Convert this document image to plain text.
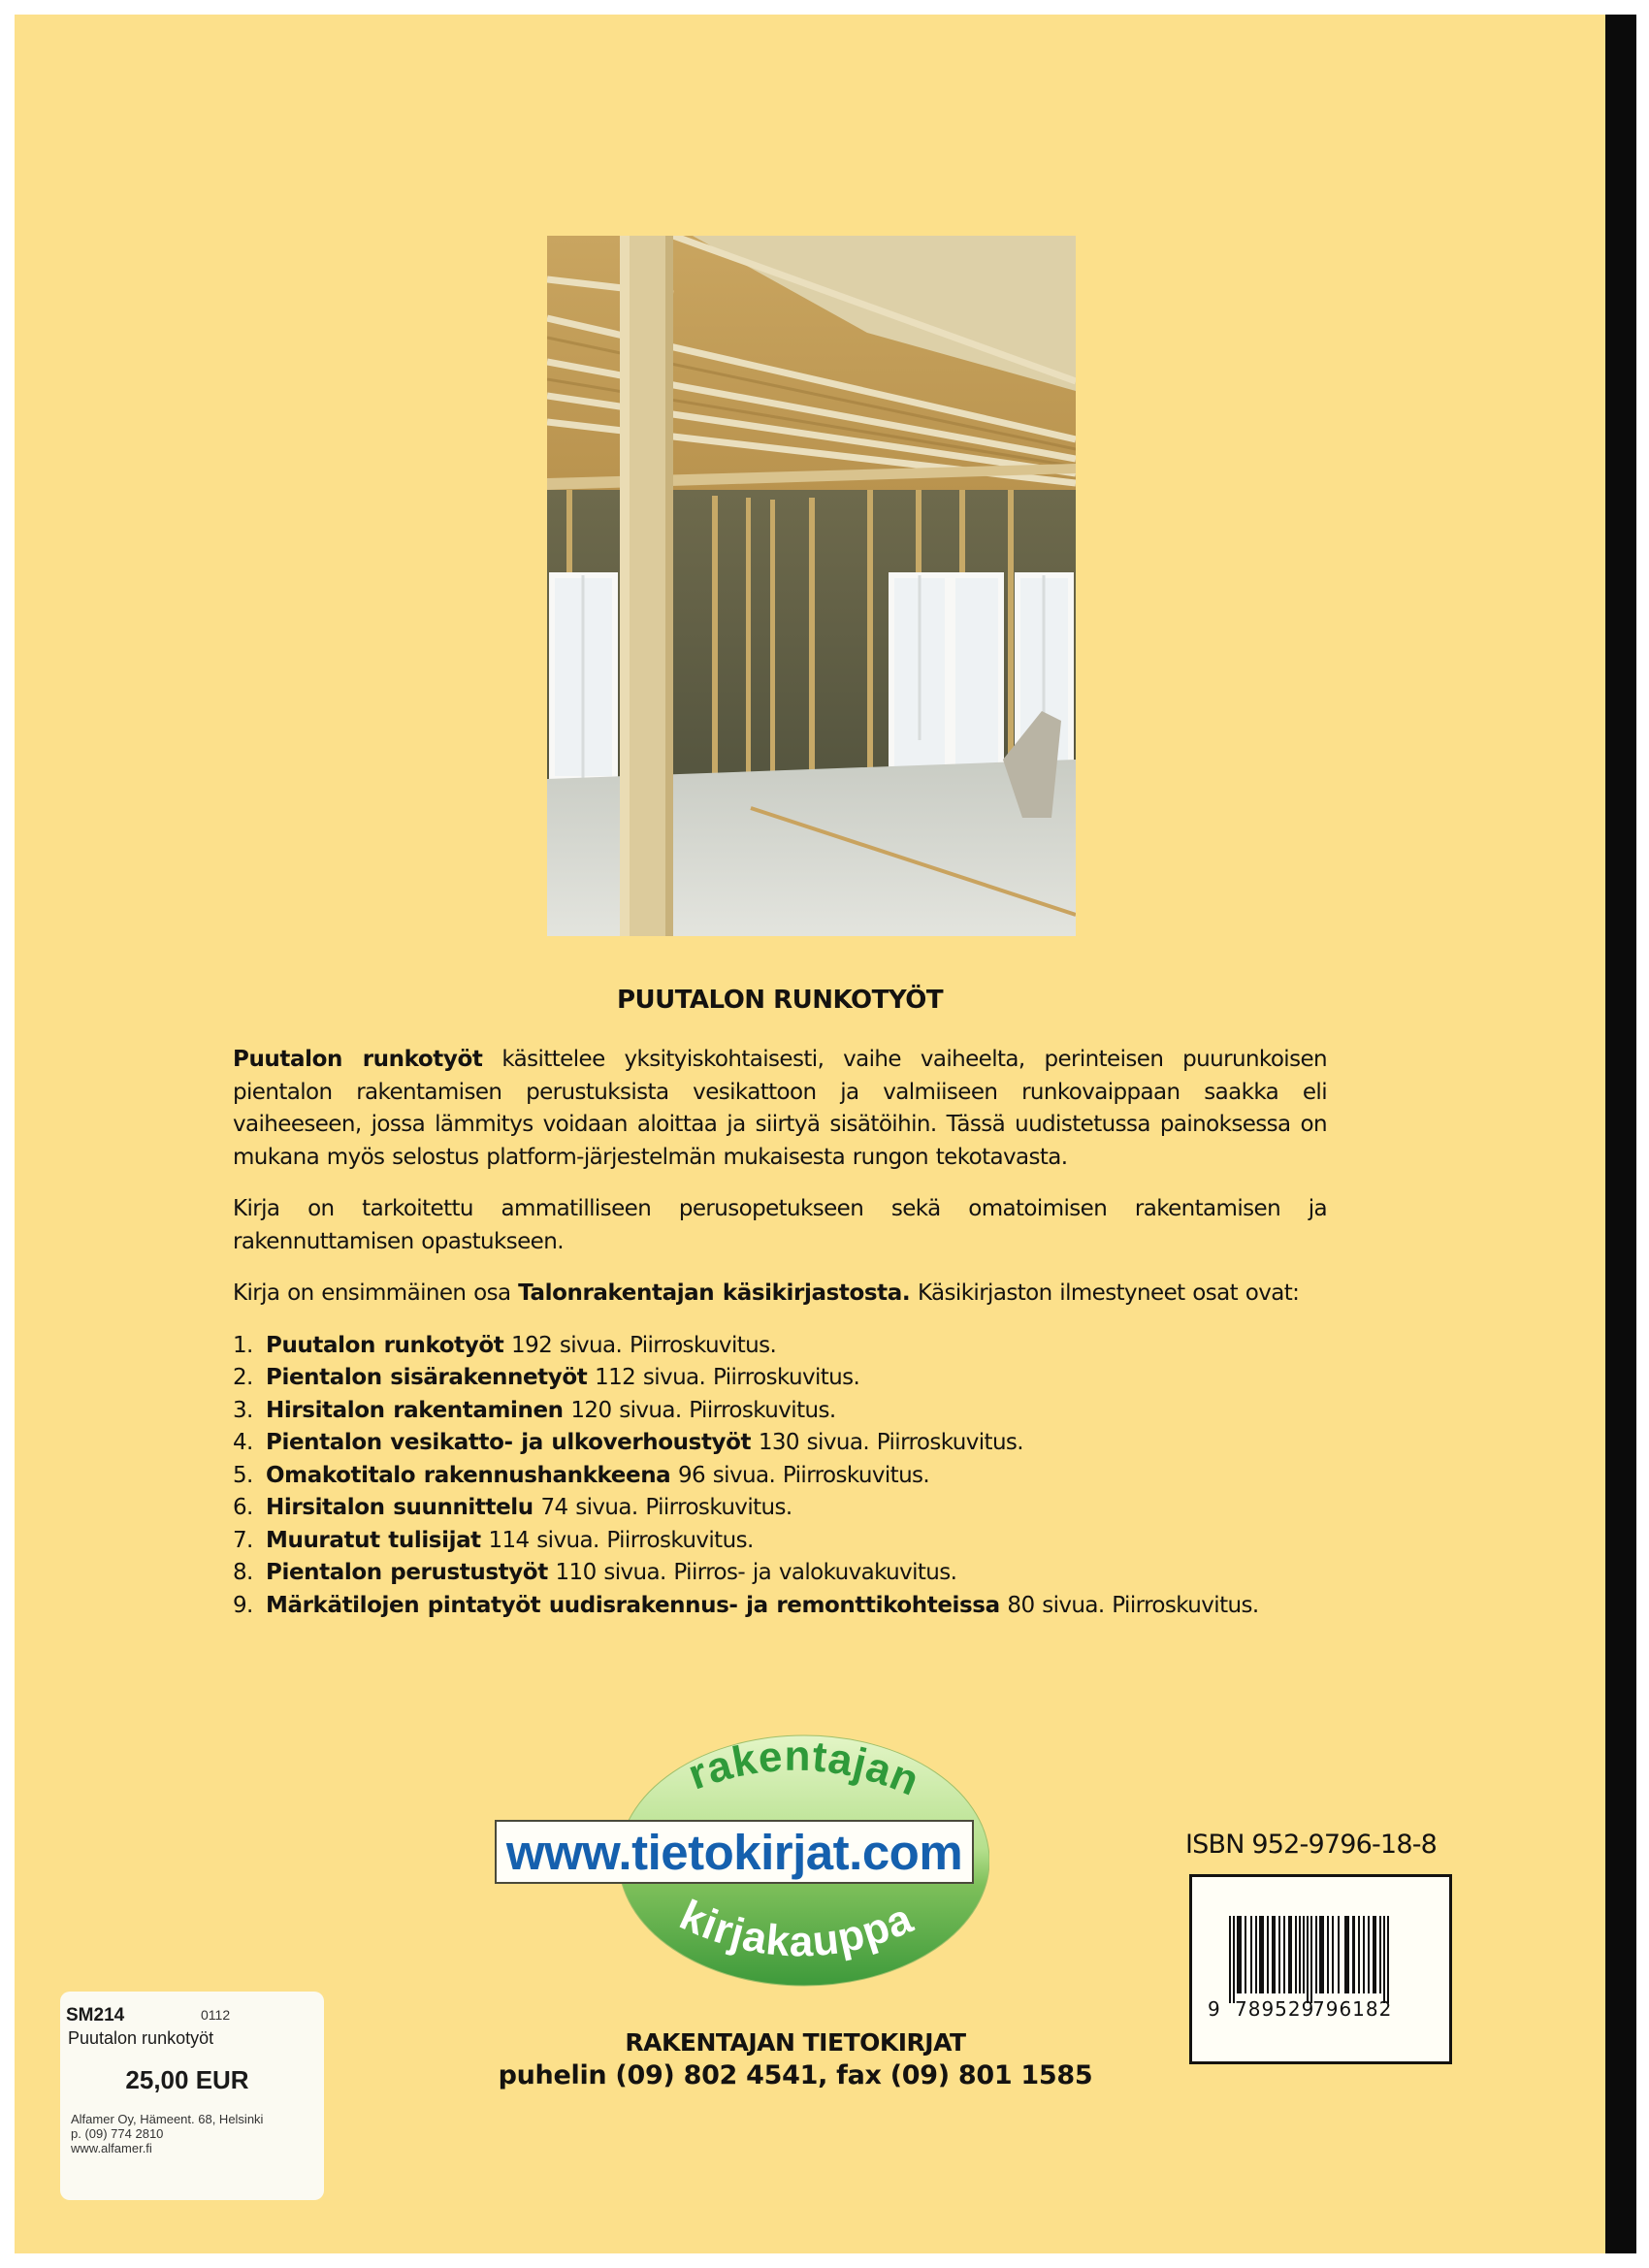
PUUTALON RUNKOTYÖT

Puutalon runkotyöt käsittelee yksityiskohtaisesti, vaihe vaiheelta, perinteisen puurunkoisen pientalon rakentamisen perustuksista vesikattoon ja valmiiseen runkovaippaan saakka eli vaiheeseen, jossa lämmitys voidaan aloittaa ja siirtyä sisätöihin. Tässä uudistetussa painoksessa on mukana myös selostus platform-järjestelmän mukaisesta rungon tekotavasta.

Kirja on tarkoitettu ammatilliseen perusopetukseen sekä omatoimisen rakentamisen ja rakennuttamisen opastukseen.

Kirja on ensimmäinen osa Talonrakentajan käsikirjastosta. Käsikirjaston ilmestyneet osat ovat:

1. Puutalon runkotyöt 192 sivua. Piirroskuvitus.
2. Pientalon sisärakennetyöt 112 sivua. Piirroskuvitus.
3. Hirsitalon rakentaminen 120 sivua. Piirroskuvitus.
4. Pientalon vesikatto- ja ulkoverhoustyöt 130 sivua. Piirroskuvitus.
5. Omakotitalo rakennushankkeena 96 sivua. Piirroskuvitus.
6. Hirsitalon suunnittelu 74 sivua. Piirroskuvitus.
7. Muuratut tulisijat 114 sivua. Piirroskuvitus.
8. Pientalon perustustyöt 110 sivua. Piirros- ja valokuvakuvitus.
9. Märkätilojen pintatyöt uudisrakennus- ja remonttikohteissa 80 sivua. Piirroskuvitus.
rakentajan
kirjakauppa
www.tietokirjat.com
RAKENTAJAN TIETOKIRJAT
puhelin (09) 802 4541, fax (09) 801 1585
ISBN 952-9796-18-8
9 789529
796182
SM214	0112
Puutalon runkotyöt
25,00 EUR
Alfamer Oy, Hämeent. 68, Helsinki
p. (09) 774 2810
www.alfamer.fi
